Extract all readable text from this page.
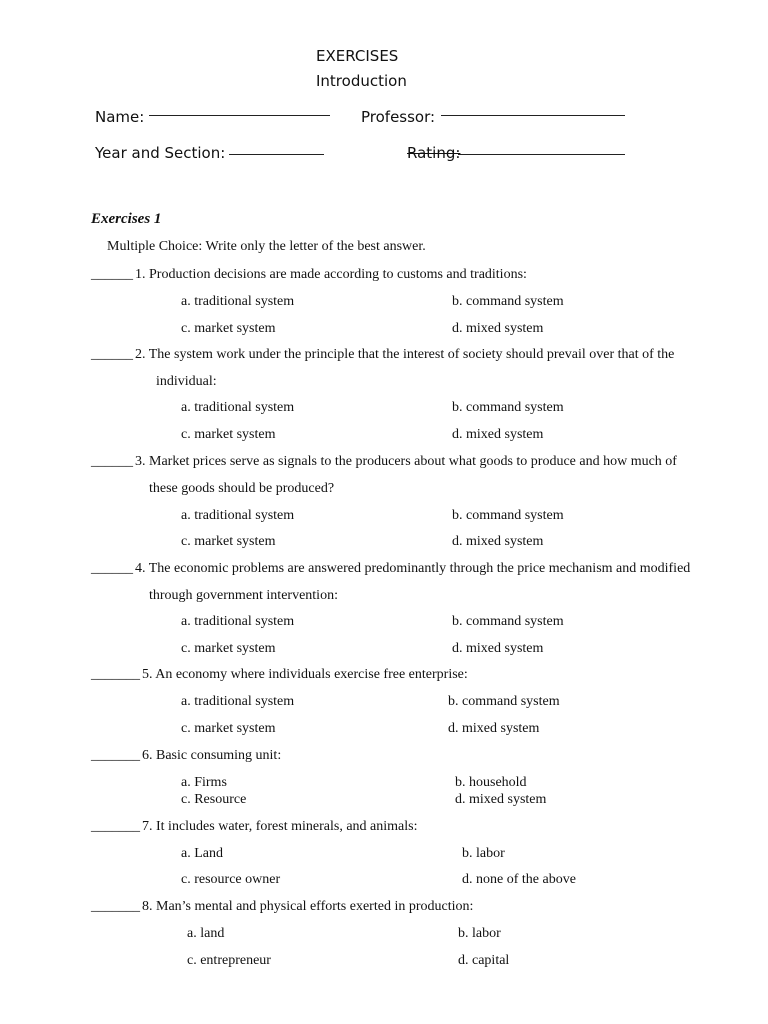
EXERCISES
Introduction
Name:	Professor:
Year and Section:	Rating:
Exercises 1
Multiple Choice: Write only the letter of the best answer.
______ 1. Production decisions are made according to customs and traditions:
a. traditional system	b. command system
c. market system	d. mixed system
______ 2. The system work under the principle that the interest of society should prevail over that of the
individual:
a. traditional system	b. command system
c. market system	d. mixed system
______ 3. Market prices serve as signals to the producers about what goods to produce and how much of
these goods should be produced?
a. traditional system	b. command system
c. market system	d. mixed system
______ 4. The economic problems are answered predominantly through the price mechanism and modified
through government intervention:
a. traditional system	b. command system
c. market system	d. mixed system
_______ 5. An economy where individuals exercise free enterprise:
a. traditional system	b. command system
c. market system	d. mixed system
_______ 6. Basic consuming unit:
a. Firms	b. household
c. Resource	d. mixed system
_______ 7. It includes water, forest minerals, and animals:
a. Land	b. labor
c. resource owner	d. none of the above
_______ 8. Man’s mental and physical efforts exerted in production:
a. land	b. labor
c. entrepreneur	d. capital
